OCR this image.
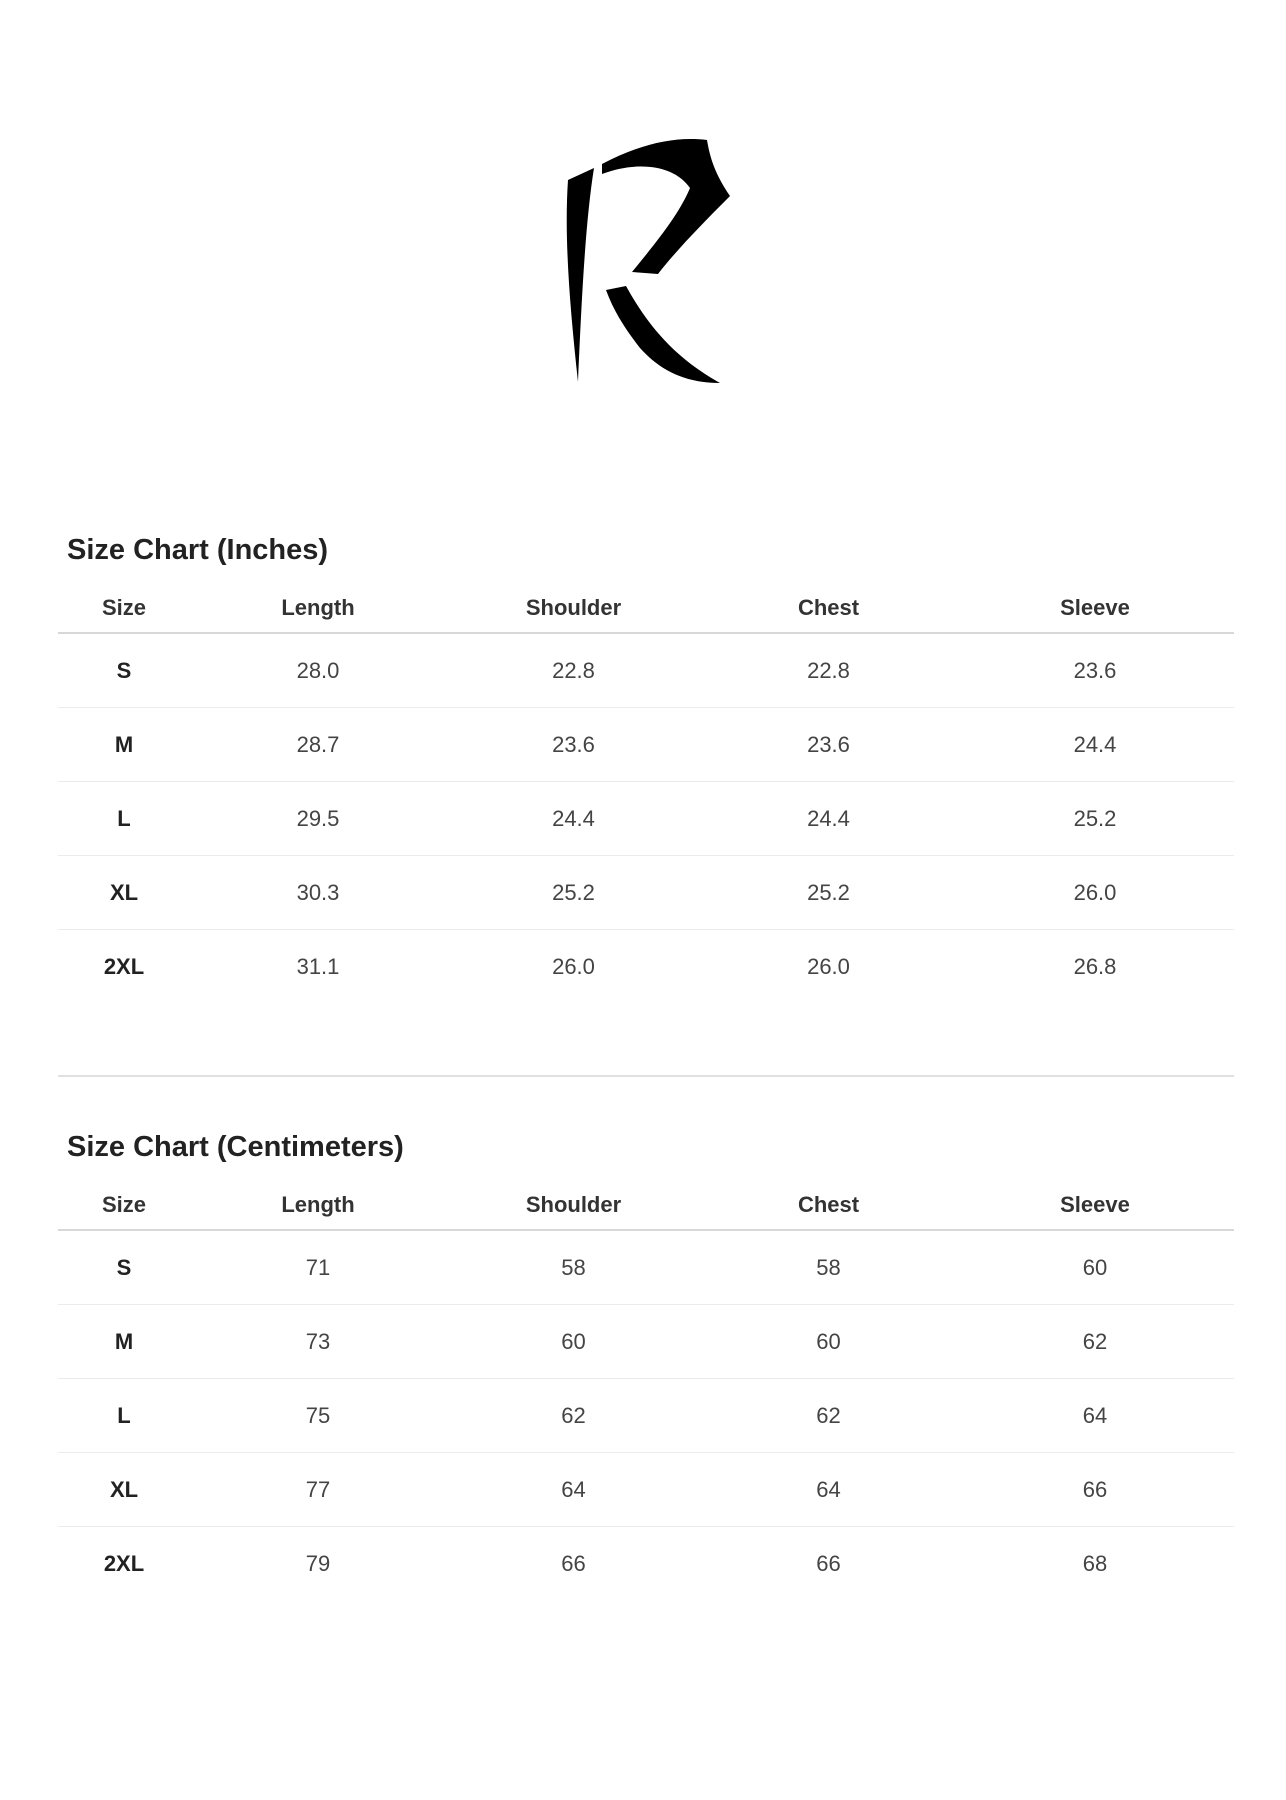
Size Chart (Inches)
Size	Length	Shoulder	Chest	Sleeve
S	28.0	22.8	22.8	23.6
M	28.7	23.6	23.6	24.4
L	29.5	24.4	24.4	25.2
XL	30.3	25.2	25.2	26.0
2XL	31.1	26.0	26.0	26.8
Size Chart (Centimeters)
Size	Length	Shoulder	Chest	Sleeve
S	71	58	58	60
M	73	60	60	62
L	75	62	62	64
XL	77	64	64	66
2XL	79	66	66	68
